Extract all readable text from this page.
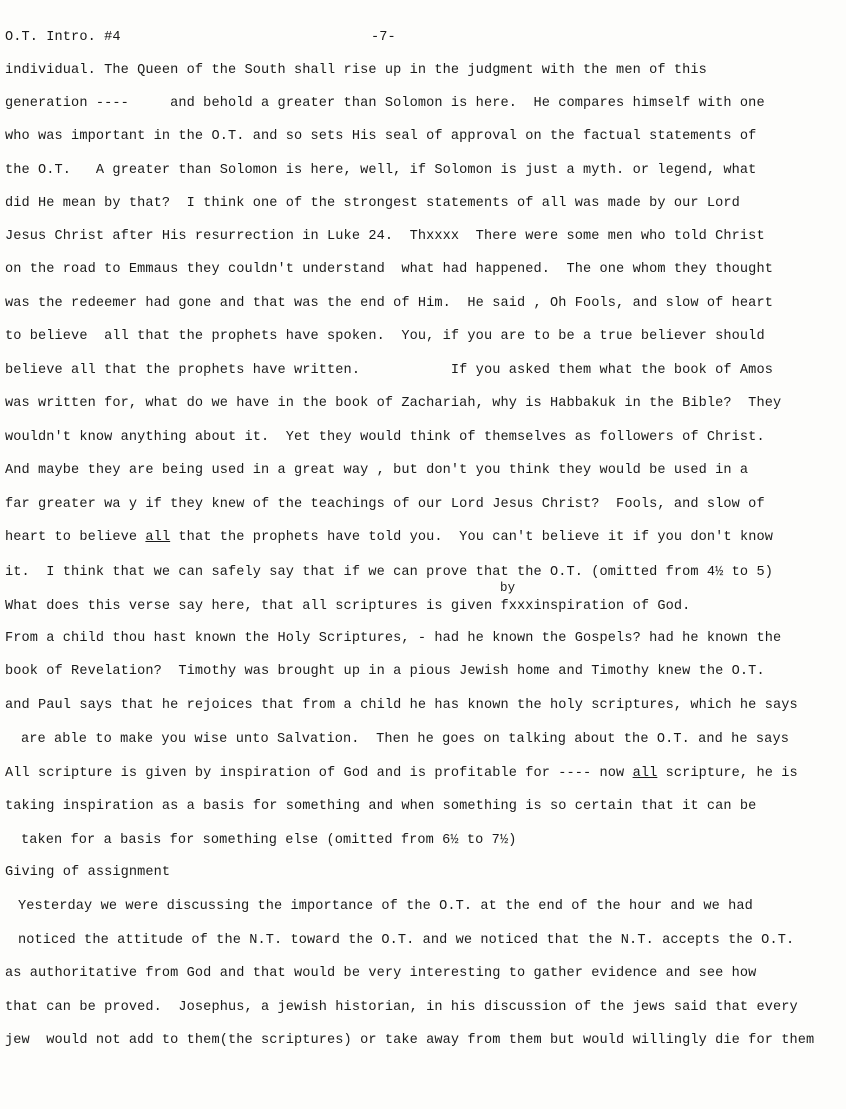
O.T. Intro. #4	-7-
individual. The Queen of the South shall rise up in the judgment with the men of this
generation ----     and behold a greater than Solomon is here.  He compares himself with one
who was important in the O.T. and so sets His seal of approval on the factual statements of
the O.T.   A greater than Solomon is here, well, if Solomon is just a myth. or legend, what
did He mean by that?  I think one of the strongest statements of all was made by our Lord
Jesus Christ after His resurrection in Luke 24.  Thxxxx  There were some men who told Christ
on the road to Emmaus they couldn't understand  what had happened.  The one whom they thought
was the redeemer had gone and that was the end of Him.  He said , Oh Fools, and slow of heart
to believe  all that the prophets have spoken.  You, if you are to be a true believer should
believe all that the prophets have written.           If you asked them what the book of Amos
was written for, what do we have in the book of Zachariah, why is Habbakuk in the Bible?  They
wouldn't know anything about it.  Yet they would think of themselves as followers of Christ.
And maybe they are being used in a great way , but don't you think they would be used in a
far greater wa y if they knew of the teachings of our Lord Jesus Christ?  Fools, and slow of
heart to believe all that the prophets have told you.  You can't believe it if you don't know
by
it.  I think that we can safely say that if we can prove that the O.T. (omitted from 4½ to 5)
What does this verse say here, that all scriptures is given fxxxinspiration of God.
From a child thou hast known the Holy Scriptures, - had he known the Gospels? had he known the
book of Revelation?  Timothy was brought up in a pious Jewish home and Timothy knew the O.T.
and Paul says that he rejoices that from a child he has known the holy scriptures, which he says
are able to make you wise unto Salvation.  Then he goes on talking about the O.T. and he says
All scripture is given by inspiration of God and is profitable for ---- now all scripture, he is
taking inspiration as a basis for something and when something is so certain that it can be
taken for a basis for something else (omitted from 6½ to 7½)
Giving of assignment
Yesterday we were discussing the importance of the O.T. at the end of the hour and we had
noticed the attitude of the N.T. toward the O.T. and we noticed that the N.T. accepts the O.T.
as authoritative from God and that would be very interesting to gather evidence and see how
that can be proved.  Josephus, a jewish historian, in his discussion of the jews said that every
jew  would not add to them(the scriptures) or take away from them but would willingly die for them
